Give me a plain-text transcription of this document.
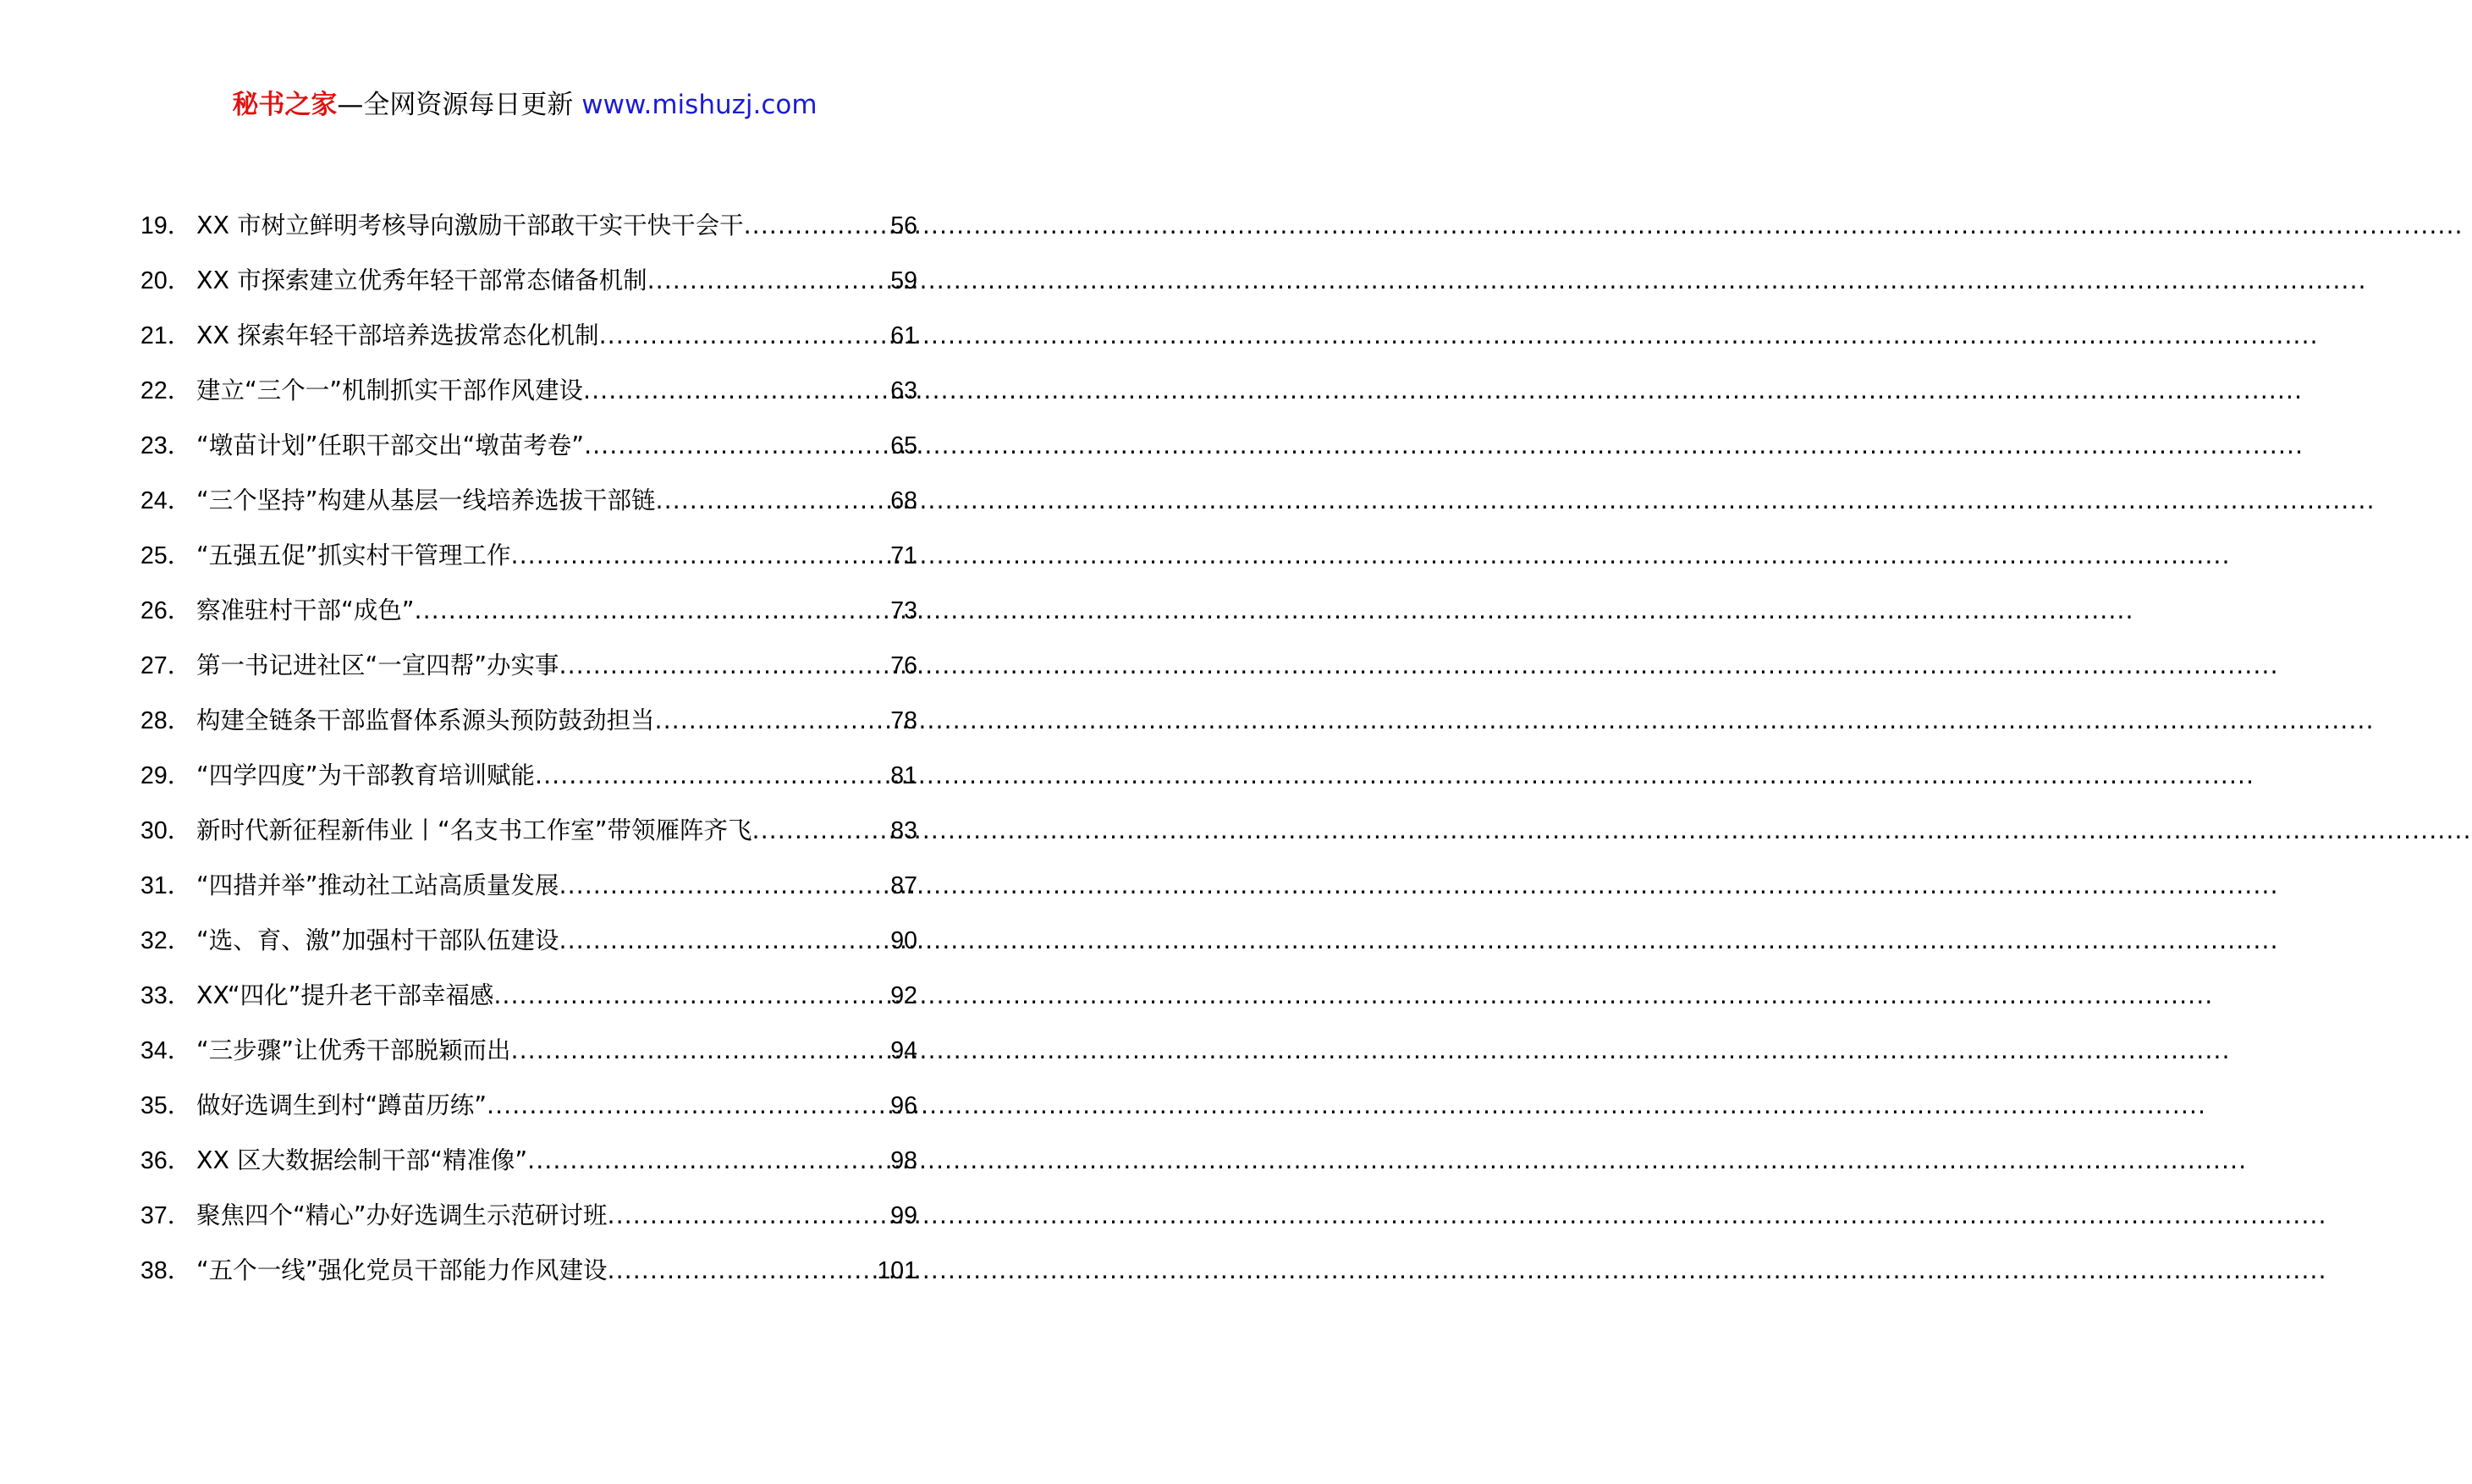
秘书之家—全网资源每日更新 www.mishuzj.com
19． XX 市树立鲜明考核导向激励干部敢干实干快干会干 .....	56
20． XX 市探索建立优秀年轻干部常态储备机制 .....	59
21． XX 探索年轻干部培养选拔常态化机制 .....	61
22． 建立“三个一”机制抓实干部作风建设 .....	63
23． “墩苗计划”任职干部交出“墩苗考卷” .....	65
24． “三个坚持”构建从基层一线培养选拔干部链 .....	68
25． “五强五促”抓实村干管理工作 .....	71
26． 察准驻村干部“成色” .....	73
27． 第一书记进社区“一宣四帮”办实事 .....	76
28． 构建全链条干部监督体系源头预防鼓劲担当 .....	78
29． “四学四度”为干部教育培训赋能 .....	81
30． 新时代新征程新伟业丨“名支书工作室”带领雁阵齐飞 .....	83
31． “四措并举”推动社工站高质量发展 .....	87
32． “选、育、激”加强村干部队伍建设 .....	90
33． XX“四化”提升老干部幸福感 .....	92
34． “三步骤”让优秀干部脱颖而出 .....	94
35． 做好选调生到村“蹲苗历练” .....	96
36． XX 区大数据绘制干部“精准像” .....	98
37． 聚焦四个“精心”办好选调生示范研讨班 .....	99
38． “五个一线”强化党员干部能力作风建设 .....	101
